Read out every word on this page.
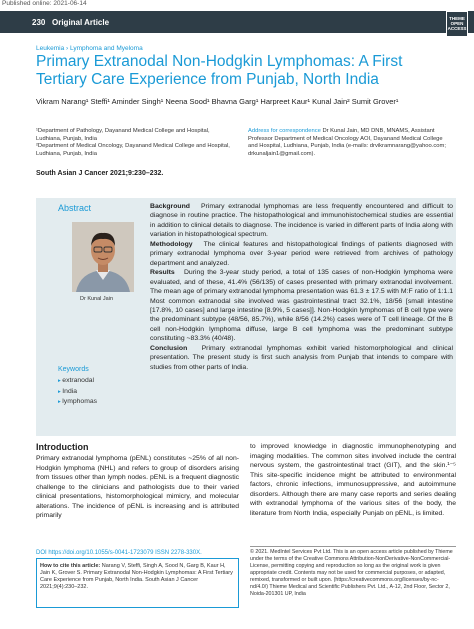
Published online: 2021-06-14
230 Original Article	THEME OPEN ACCESS
Leukemia › Lymphoma and Myeloma
Primary Extranodal Non-Hodgkin Lymphomas: A First Tertiary Care Experience from Punjab, North India
Vikram Narang¹ Steffi¹ Aminder Singh¹ Neena Sood¹ Bhavna Garg¹ Harpreet Kaur¹ Kunal Jain² Sumit Grover¹

¹Department of Pathology, Dayanand Medical College and Hospital, Ludhiana, Punjab, India

²Department of Medical Oncology, Dayanand Medical College and Hospital, Ludhiana, Punjab, India

Address for correspondence Dr Kunal Jain, MD DNB, MNAMS, Assistant Professor Department of Medical Oncology AOI, Dayanand Medical College and Hospital, Ludhiana, Punjab, India (e-mails: drvikramnarang@yahoo.com; drkunaljain1@gmail.com).
South Asian J Cancer 2021;9:230–232.
Abstract
Dr Kunal Jain
Keywords
▸ extranodal
▸ India
▸ lymphomas

Background Primary extranodal lymphomas are less frequently encountered and difficult to diagnose in routine practice. The histopathological and immunohistochemical studies are essential in addition to clinical details to diagnose. The incidence is varied in different parts of India along with variation in histopathological spectrum.

Methodology The clinical features and histopathological findings of patients diagnosed with primary extranodal lymphoma over 3-year period were retrieved from archives of pathology department and analyzed.

Results During the 3-year study period, a total of 135 cases of non-Hodgkin lymphoma were evaluated, and of these, 41.4% (56/135) of cases presented with primary extranodal involvement. The mean age of primary extranodal lymphoma presentation was 61.3 ± 17.5 with M:F ratio of 1:1.1 Most common extranodal site involved was gastrointestinal tract 32.1%, 18/56 [small intestine [17.8%, 10 cases] and large intestine [8.9%, 5 cases]]. Non-Hodgkin lymphomas of B cell type were the predominant subtype (48/56, 85.7%), while 8/56 (14.2%) cases were of T cell lineage. Of the B cell non-Hodgkin lymphoma diffuse, large B cell lymphoma was the predominant subtype constituting ~83.3% (40/48).

Conclusion Primary extranodal lymphomas exhibit varied histomorphological and clinical presentation. The present study is first such analysis from Punjab that intends to compare with studies from other parts of India.

Introduction

Primary extranodal lymphoma (pENL) constitutes ~25% of all non-Hodgkin lymphoma (NHL) and refers to group of disorders arising from tissues other than lymph nodes. pENL is a frequent diagnostic challenge to the clinicians and pathologists due to their varied clinical presentations, histomorphological mimicry, and molecular alterations. The incidence of pENL is increasing and is attributed primarily

to improved knowledge in diagnostic immunophenotyping and imaging modalities. The common sites involved include the central nervous system, the gastrointestinal tract (GIT), and the skin.¹⁻⁵ This site-specific incidence might be attributed to environmental factors, chronic infections, immunosuppressive, and autoimmune disorders. Although there are many case reports and series dealing with extranodal lymphoma of the various sites of the body, the literature from North India, especially Punjab on pENL, is limited.

DOI https://doi.org/10.1055/s-0041-1723079 ISSN 2278-330X.
How to cite this article: Narang V, Steffi, Singh A, Sood N, Garg B, Kaur H, Jain K, Grover S. Primary Extranodal Non-Hodgkin Lymphomas: A First Tertiary Care Experience from Punjab, North India. South Asian J Cancer 2021;9(4):230–232.
© 2021. MedIntel Services Pvt Ltd. This is an open access article published by Thieme under the terms of the Creative Commons Attribution-NonDerivative-NonCommercial-License, permitting copying and reproduction so long as the original work is given appropriate credit. Contents may not be used for commercial purposes, or adapted, remixed, transformed or built upon. (https://creativecommons.org/licenses/by-nc-nd/4.0/) Thieme Medical and Scientific Publishers Pvt. Ltd., A-12, 2nd Floor, Sector 2, Noida-201301 UP, India
